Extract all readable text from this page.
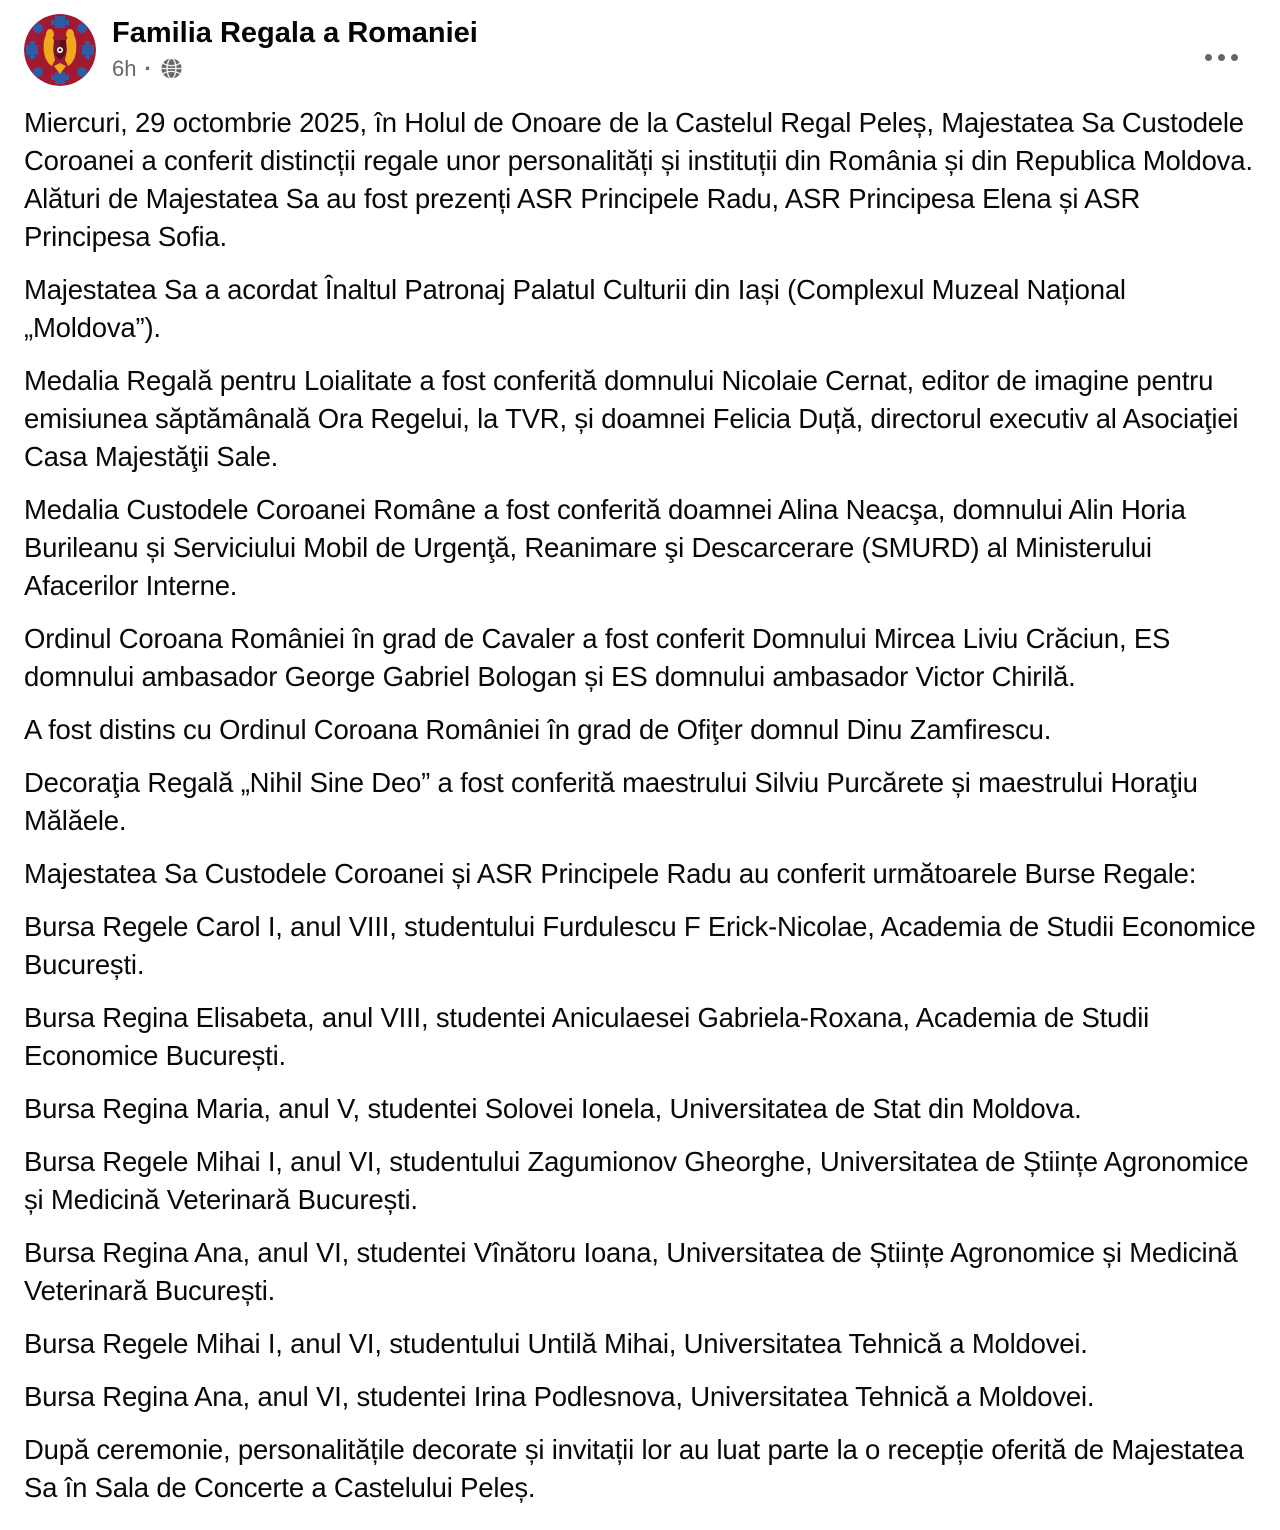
Familia Regala a Romaniei
6h ·

Miercuri, 29 octombrie 2025, în Holul de Onoare de la Castelul Regal Peleș, Majestatea Sa Custodele Coroanei a conferit distincții regale unor personalități și instituții din România și din Republica Moldova. Alături de Majestatea Sa au fost prezenți ASR Principele Radu, ASR Principesa Elena și ASR Principesa Sofia.

Majestatea Sa a acordat Înaltul Patronaj Palatul Culturii din Iași (Complexul Muzeal Național „Moldova”).

Medalia Regală pentru Loialitate a fost conferită domnului Nicolaie Cernat, editor de imagine pentru emisiunea săptămânală Ora Regelui, la TVR, și doamnei Felicia Duță, directorul executiv al Asociaţiei Casa Majestăţii Sale.

Medalia Custodele Coroanei Române a fost conferită doamnei Alina Neacşa, domnului Alin Horia Burileanu și Serviciului Mobil de Urgenţă, Reanimare şi Descarcerare (SMURD) al Ministerului Afacerilor Interne.

Ordinul Coroana României în grad de Cavaler a fost conferit Domnului Mircea Liviu Crăciun, ES domnului ambasador George Gabriel Bologan și ES domnului ambasador Victor Chirilă.

A fost distins cu Ordinul Coroana României în grad de Ofiţer domnul Dinu Zamfirescu.

Decoraţia Regală „Nihil Sine Deo” a fost conferită maestrului Silviu Purcărete și maestrului Horaţiu Mălăele.

Majestatea Sa Custodele Coroanei și ASR Principele Radu au conferit următoarele Burse Regale:

Bursa Regele Carol I, anul VIII, studentului Furdulescu F Erick-Nicolae, Academia de Studii Economice București.

Bursa Regina Elisabeta, anul VIII, studentei Aniculaesei Gabriela-Roxana, Academia de Studii Economice București.

Bursa Regina Maria, anul V, studentei Solovei Ionela, Universitatea de Stat din Moldova.

Bursa Regele Mihai I, anul VI, studentului Zagumionov Gheorghe, Universitatea de Științe Agronomice și Medicină Veterinară București.

Bursa Regina Ana, anul VI, studentei Vînătoru Ioana, Universitatea de Științe Agronomice și Medicină Veterinară București.

Bursa Regele Mihai I, anul VI, studentului Untilă Mihai, Universitatea Tehnică a Moldovei.

Bursa Regina Ana, anul VI, studentei Irina Podlesnova, Universitatea Tehnică a Moldovei.

După ceremonie, personalitățile decorate și invitații lor au luat parte la o recepție oferită de Majestatea Sa în Sala de Concerte a Castelului Peleș.
